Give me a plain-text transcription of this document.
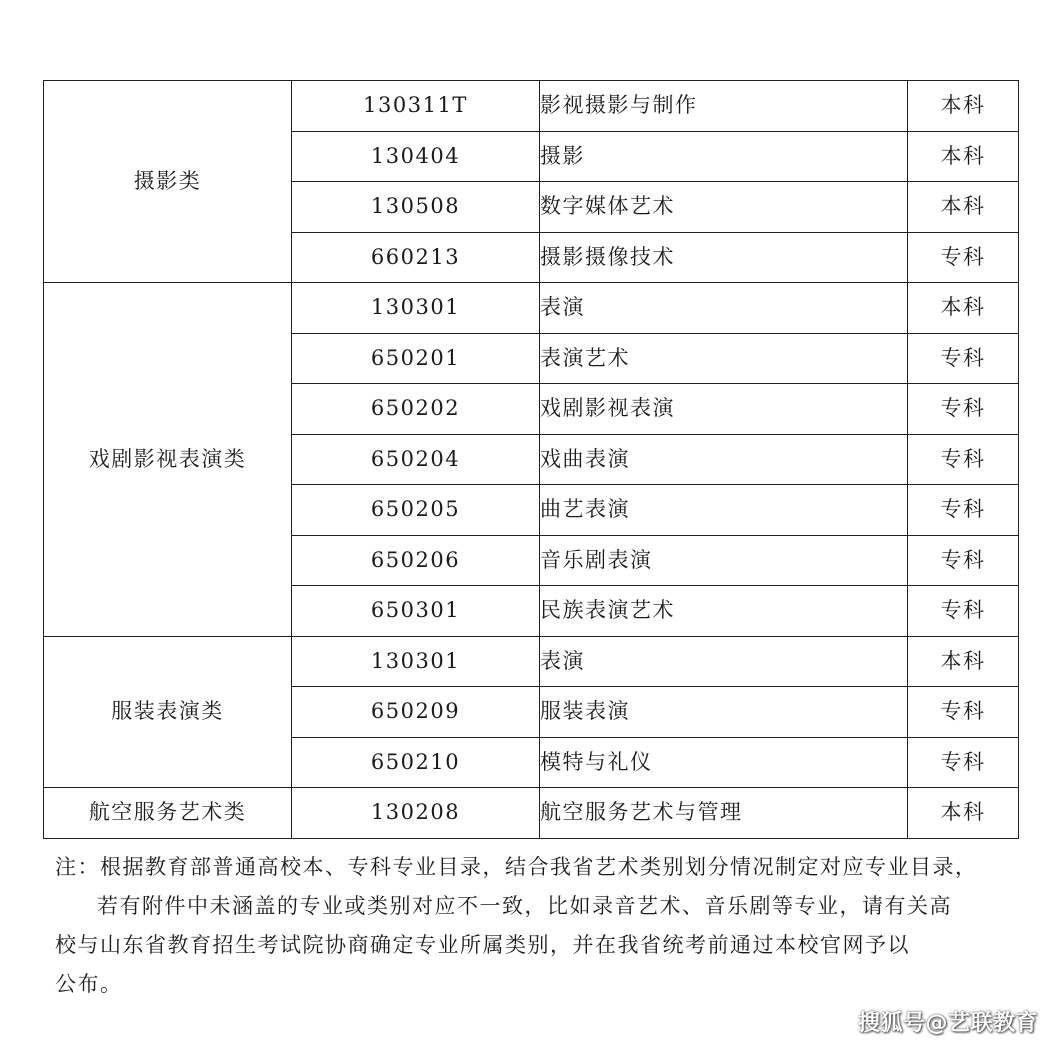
摄影类	130311T	影视摄影与制作	本科
	130404	摄影	本科
	130508	数字媒体艺术	本科
	660213	摄影摄像技术	专科
戏剧影视表演类	130301	表演	本科
	650201	表演艺术	专科
	650202	戏剧影视表演	专科
	650204	戏曲表演	专科
	650205	曲艺表演	专科
	650206	音乐剧表演	专科
	650301	民族表演艺术	专科
服装表演类	130301	表演	本科
	650209	服装表演	专科
	650210	模特与礼仪	专科
航空服务艺术类	130208	航空服务艺术与管理	本科
注：根据教育部普通高校本、专科专业目录，结合我省艺术类别划分情况制定对应专业目录，
若有附件中未涵盖的专业或类别对应不一致，比如录音艺术、音乐剧等专业，请有关高
校与山东省教育招生考试院协商确定专业所属类别，并在我省统考前通过本校官网予以
公布。
搜狐号@艺联教育
